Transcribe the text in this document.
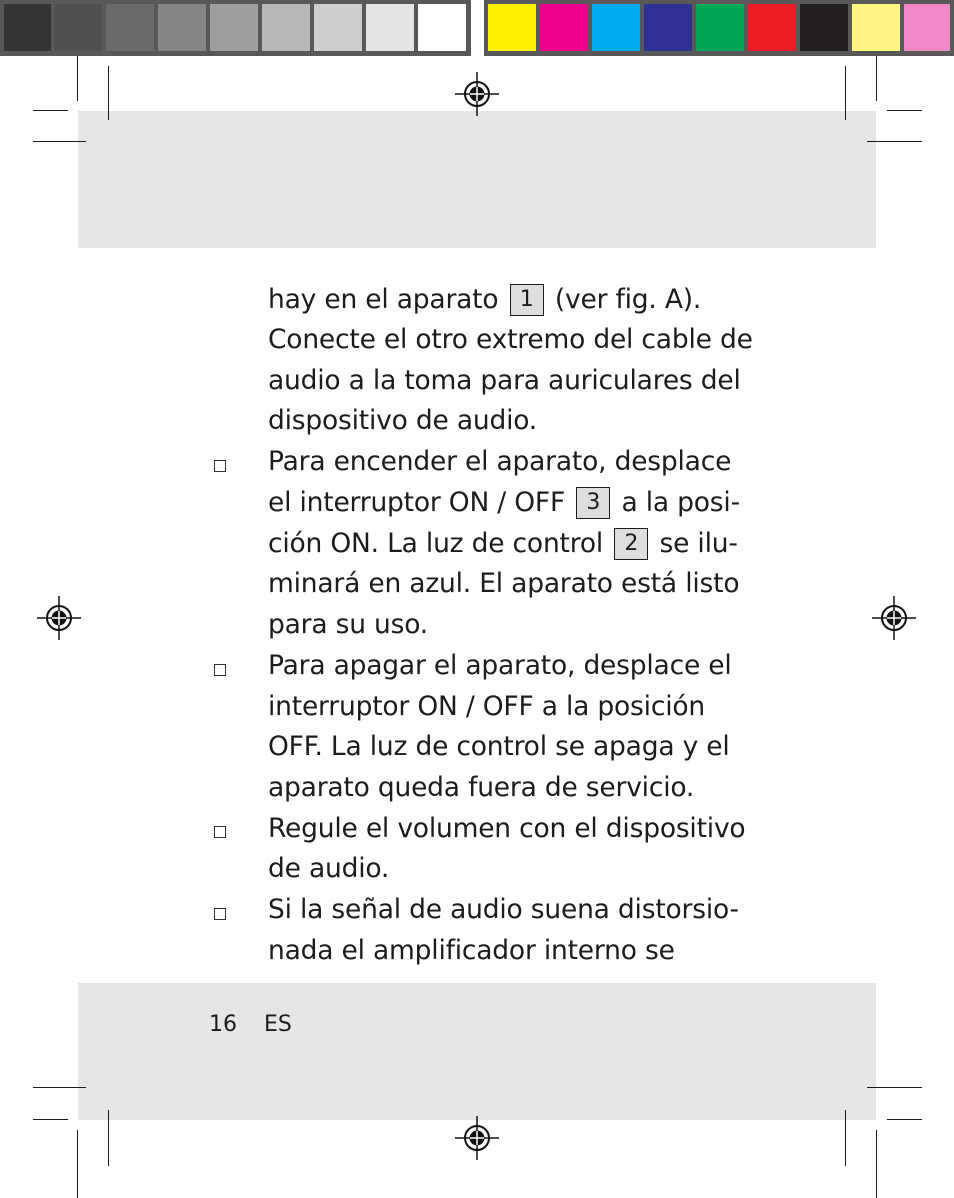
hay en el aparato 1 (ver fig. A).
Conecte el otro extremo del cable de
audio a la toma para auriculares del
dispositivo de audio.
Para encender el aparato, desplace
el interruptor ON / OFF 3 a la posi-
ción ON. La luz de control 2 se ilu-
minará en azul. El aparato está listo
para su uso.
Para apagar el aparato, desplace el
interruptor ON / OFF a la posición
OFF. La luz de control se apaga y el
aparato queda fuera de servicio.
Regule el volumen con el dispositivo
de audio.
Si la señal de audio suena distorsio-
nada el amplificador interno se
16 ES
